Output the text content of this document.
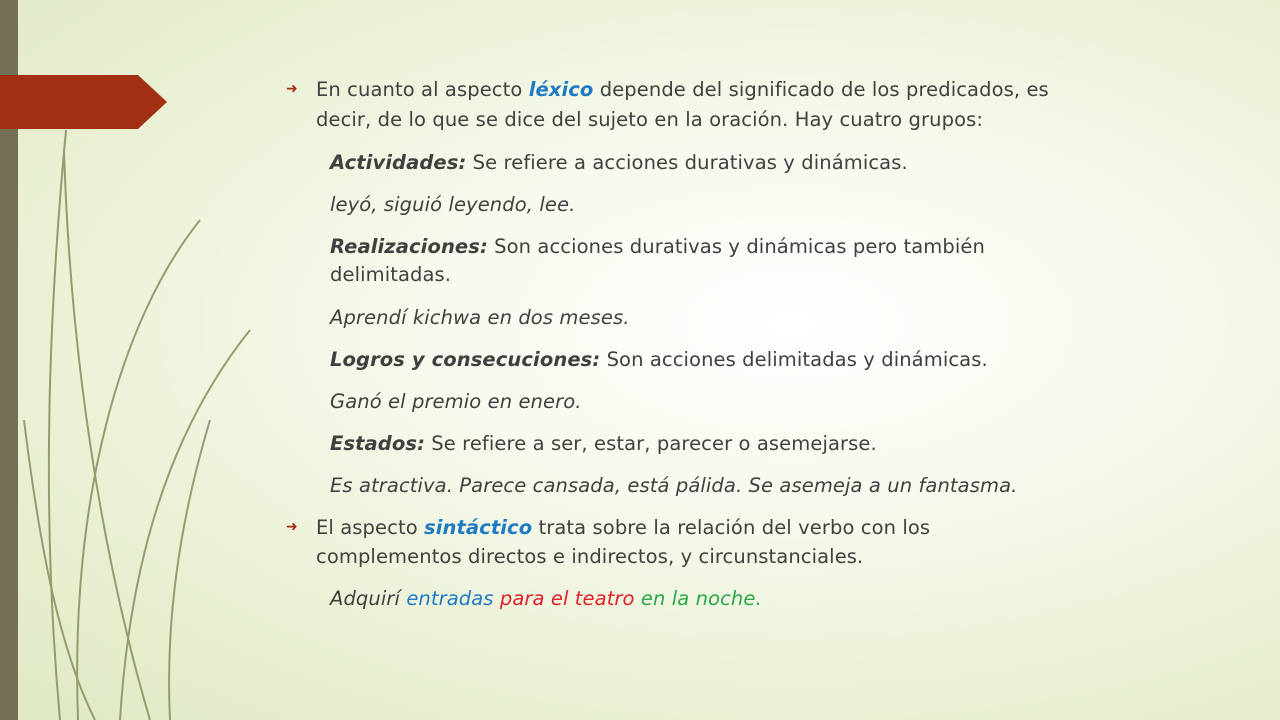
➜ En cuanto al aspecto léxico depende del significado de los predicados, es
decir, de lo que se dice del sujeto en la oración. Hay cuatro grupos:
Actividades: Se refiere a acciones durativas y dinámicas.
leyó, siguió leyendo, lee.
Realizaciones: Son acciones durativas y dinámicas pero también
delimitadas.
Aprendí kichwa en dos meses.
Logros y consecuciones: Son acciones delimitadas y dinámicas.
Ganó el premio en enero.
Estados: Se refiere a ser, estar, parecer o asemejarse.
Es atractiva. Parece cansada, está pálida. Se asemeja a un fantasma.
➜ El aspecto sintáctico trata sobre la relación del verbo con los
complementos directos e indirectos, y circunstanciales.
Adquirí entradas para el teatro en la noche.
